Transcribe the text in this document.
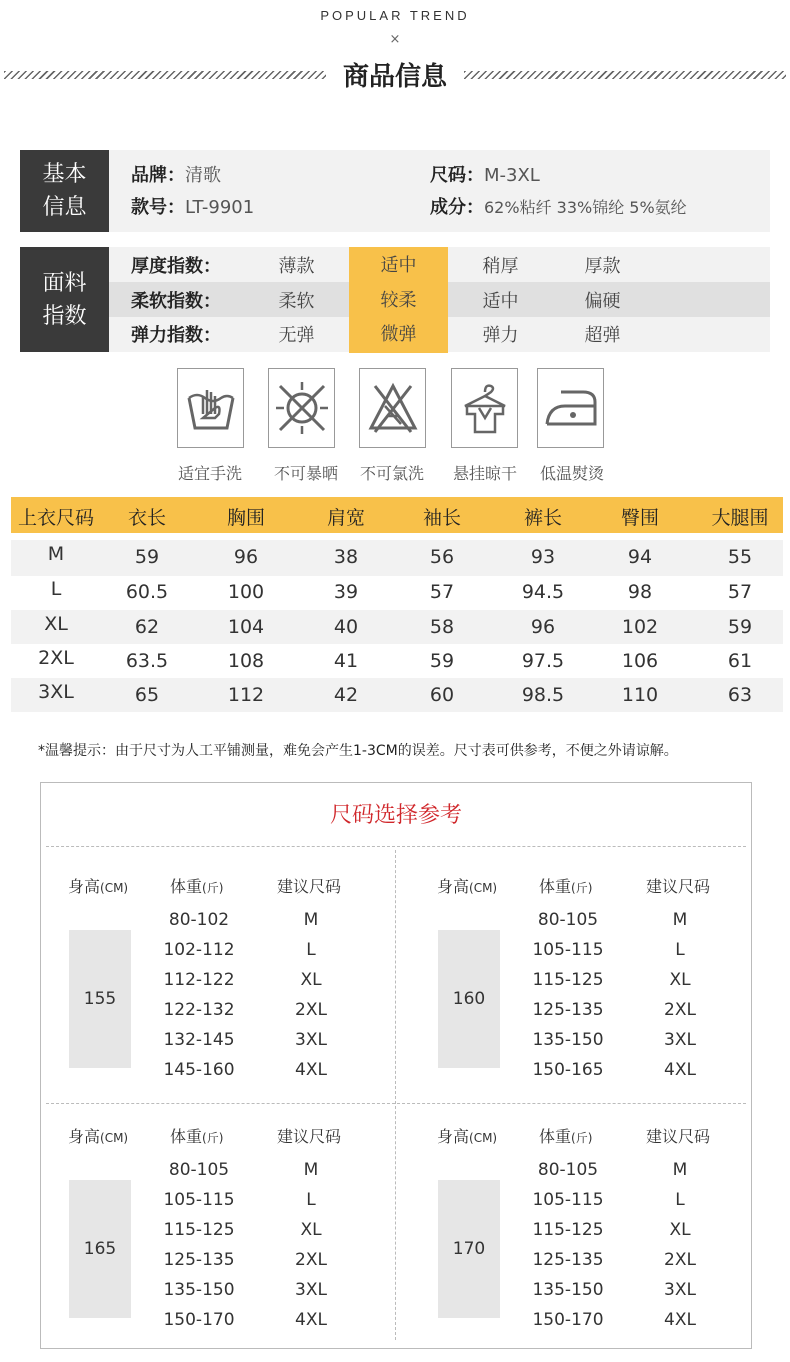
POPULAR TREND
×
商品信息
基本
信息
品牌：清歌
款号：LT-9901
尺码：M-3XL
成分：62%粘纤 33%锦纶 5%氨纶
面料
指数
厚度指数：	薄款	适中	稍厚	厚款
柔软指数：	柔软	较柔	适中	偏硬
弹力指数：	无弹	微弹	弹力	超弹
适宜手洗	不可暴晒	不可氯洗	悬挂晾干	低温熨烫
上衣尺码	衣长	胸围	肩宽	袖长	裤长	臀围	大腿围
M	59	96	38	56	93	94	55
L	60.5	100	39	57	94.5	98	57
XL	62	104	40	58	96	102	59
2XL	63.5	108	41	59	97.5	106	61
3XL	65	112	42	60	98.5	110	63
*温馨提示：由于尺寸为人工平铺测量，难免会产生1-3CM的误差。尺寸表可供参考，不便之外请谅解。
尺码选择参考
身高(CM)	体重(斤)	建议尺码
155
80-102	M
102-112	L
112-122	XL
122-132	2XL
132-145	3XL
145-160	4XL
身高(CM)	体重(斤)	建议尺码
160
80-105	M
105-115	L
115-125	XL
125-135	2XL
135-150	3XL
150-165	4XL
身高(CM)	体重(斤)	建议尺码
165
80-105	M
105-115	L
115-125	XL
125-135	2XL
135-150	3XL
150-170	4XL
身高(CM)	体重(斤)	建议尺码
170
80-105	M
105-115	L
115-125	XL
125-135	2XL
135-150	3XL
150-170	4XL
